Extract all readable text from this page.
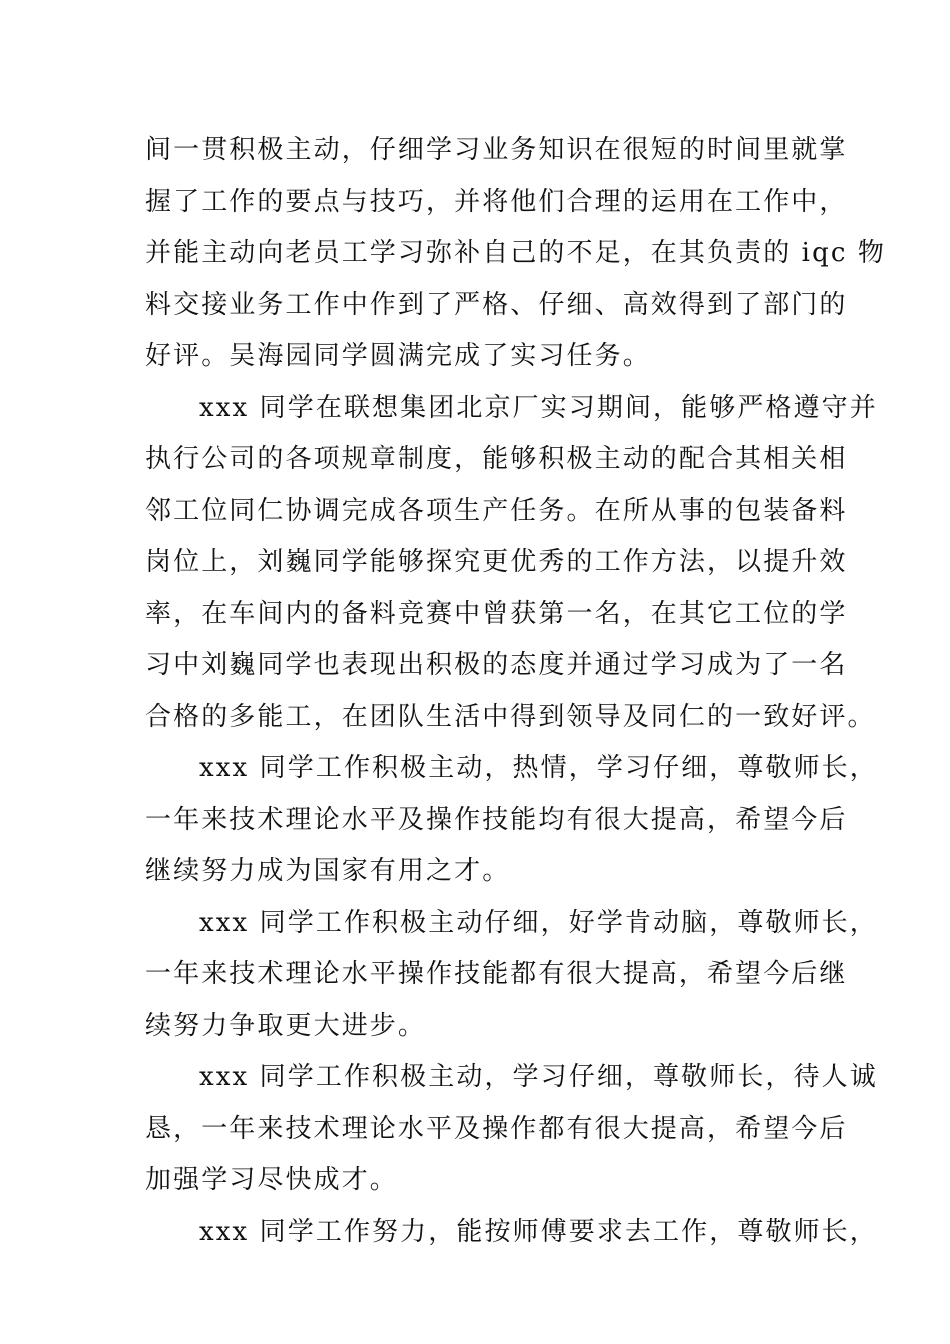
间一贯积极主动，仔细学习业务知识在很短的时间里就掌
握了工作的要点与技巧，并将他们合理的运用在工作中，
并能主动向老员工学习弥补自己的不足，在其负责的 iqc 物
料交接业务工作中作到了严格、仔细、高效得到了部门的
好评。吴海园同学圆满完成了实习任务。
xxx 同学在联想集团北京厂实习期间，能够严格遵守并
执行公司的各项规章制度，能够积极主动的配合其相关相
邻工位同仁协调完成各项生产任务。在所从事的包装备料
岗位上，刘巍同学能够探究更优秀的工作方法，以提升效
率，在车间内的备料竞赛中曾获第一名，在其它工位的学
习中刘巍同学也表现出积极的态度并通过学习成为了一名
合格的多能工，在团队生活中得到领导及同仁的一致好评。
xxx 同学工作积极主动，热情，学习仔细，尊敬师长，
一年来技术理论水平及操作技能均有很大提高，希望今后
继续努力成为国家有用之才。
xxx 同学工作积极主动仔细，好学肯动脑，尊敬师长，
一年来技术理论水平操作技能都有很大提高，希望今后继
续努力争取更大进步。
xxx 同学工作积极主动，学习仔细，尊敬师长，待人诚
恳，一年来技术理论水平及操作都有很大提高，希望今后
加强学习尽快成才。
xxx 同学工作努力，能按师傅要求去工作，尊敬师长，
